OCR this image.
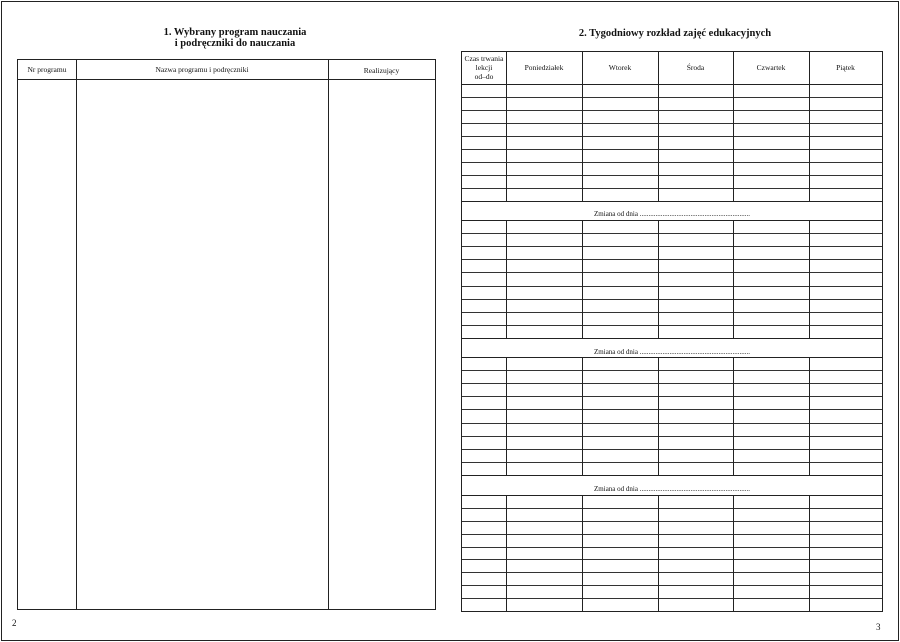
1. Wybrany program nauczania
i podręczniki do nauczania
Nr programu	Nazwa programu i podręczniki	Realizujący
2
2. Tygodniowy rozkład zajęć edukacyjnych
Czas trwania
lekcji
od–do
Poniedziałek	Wtorek	Środa	Czwartek	Piątek
Zmiana od dnia ...............................................................
Zmiana od dnia ...............................................................
Zmiana od dnia ...............................................................
3
